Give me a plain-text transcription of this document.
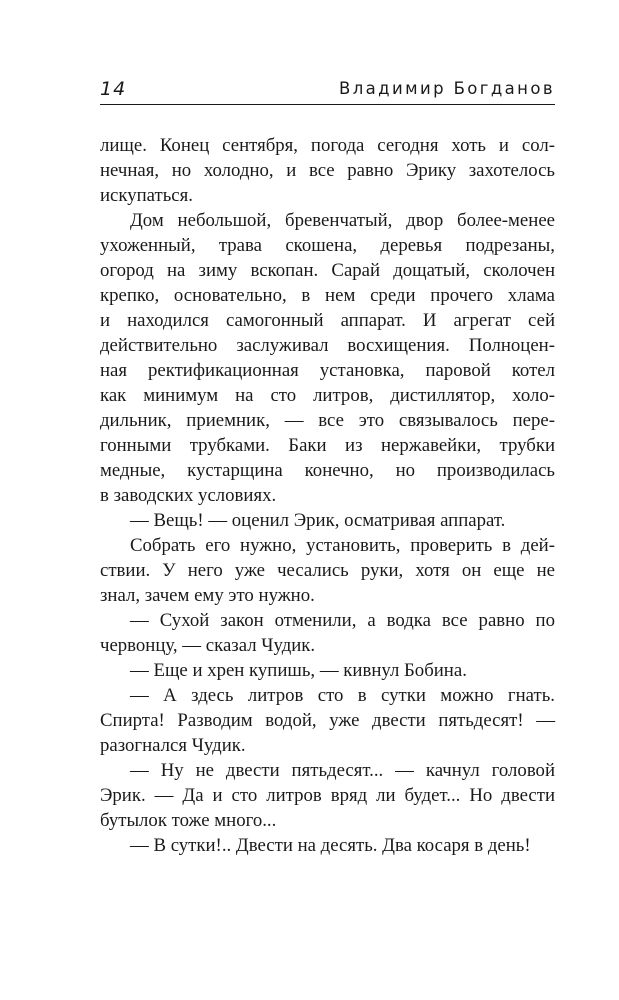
14	Владимир Богданов

лище. Конец сентября, погода сегодня хоть и сол-
нечная, но холодно, и все равно Эрику захотелось
искупаться.

Дом небольшой, бревенчатый, двор более-менее
ухоженный, трава скошена, деревья подрезаны,
огород на зиму вскопан. Сарай дощатый, сколочен
крепко, основательно, в нем среди прочего хлама
и находился самогонный аппарат. И агрегат сей
действительно заслуживал восхищения. Полноцен-
ная ректификационная установка, паровой котел
как минимум на сто литров, дистиллятор, холо-
дильник, приемник, — все это связывалось пере-
гонными трубками. Баки из нержавейки, трубки
медные, кустарщина конечно, но производилась
в заводских условиях.

— Вещь! — оценил Эрик, осматривая аппарат.

Собрать его нужно, установить, проверить в дей-
ствии. У него уже чесались руки, хотя он еще не
знал, зачем ему это нужно.

— Сухой закон отменили, а водка все равно по
червонцу, — сказал Чудик.

— Еще и хрен купишь, — кивнул Бобина.

— А здесь литров сто в сутки можно гнать.
Спирта! Разводим водой, уже двести пятьдесят! —
разогнался Чудик.

— Ну не двести пятьдесят... — качнул головой
Эрик. — Да и сто литров вряд ли будет... Но двести
бутылок тоже много...

— В сутки!.. Двести на десять. Два косаря в день!
